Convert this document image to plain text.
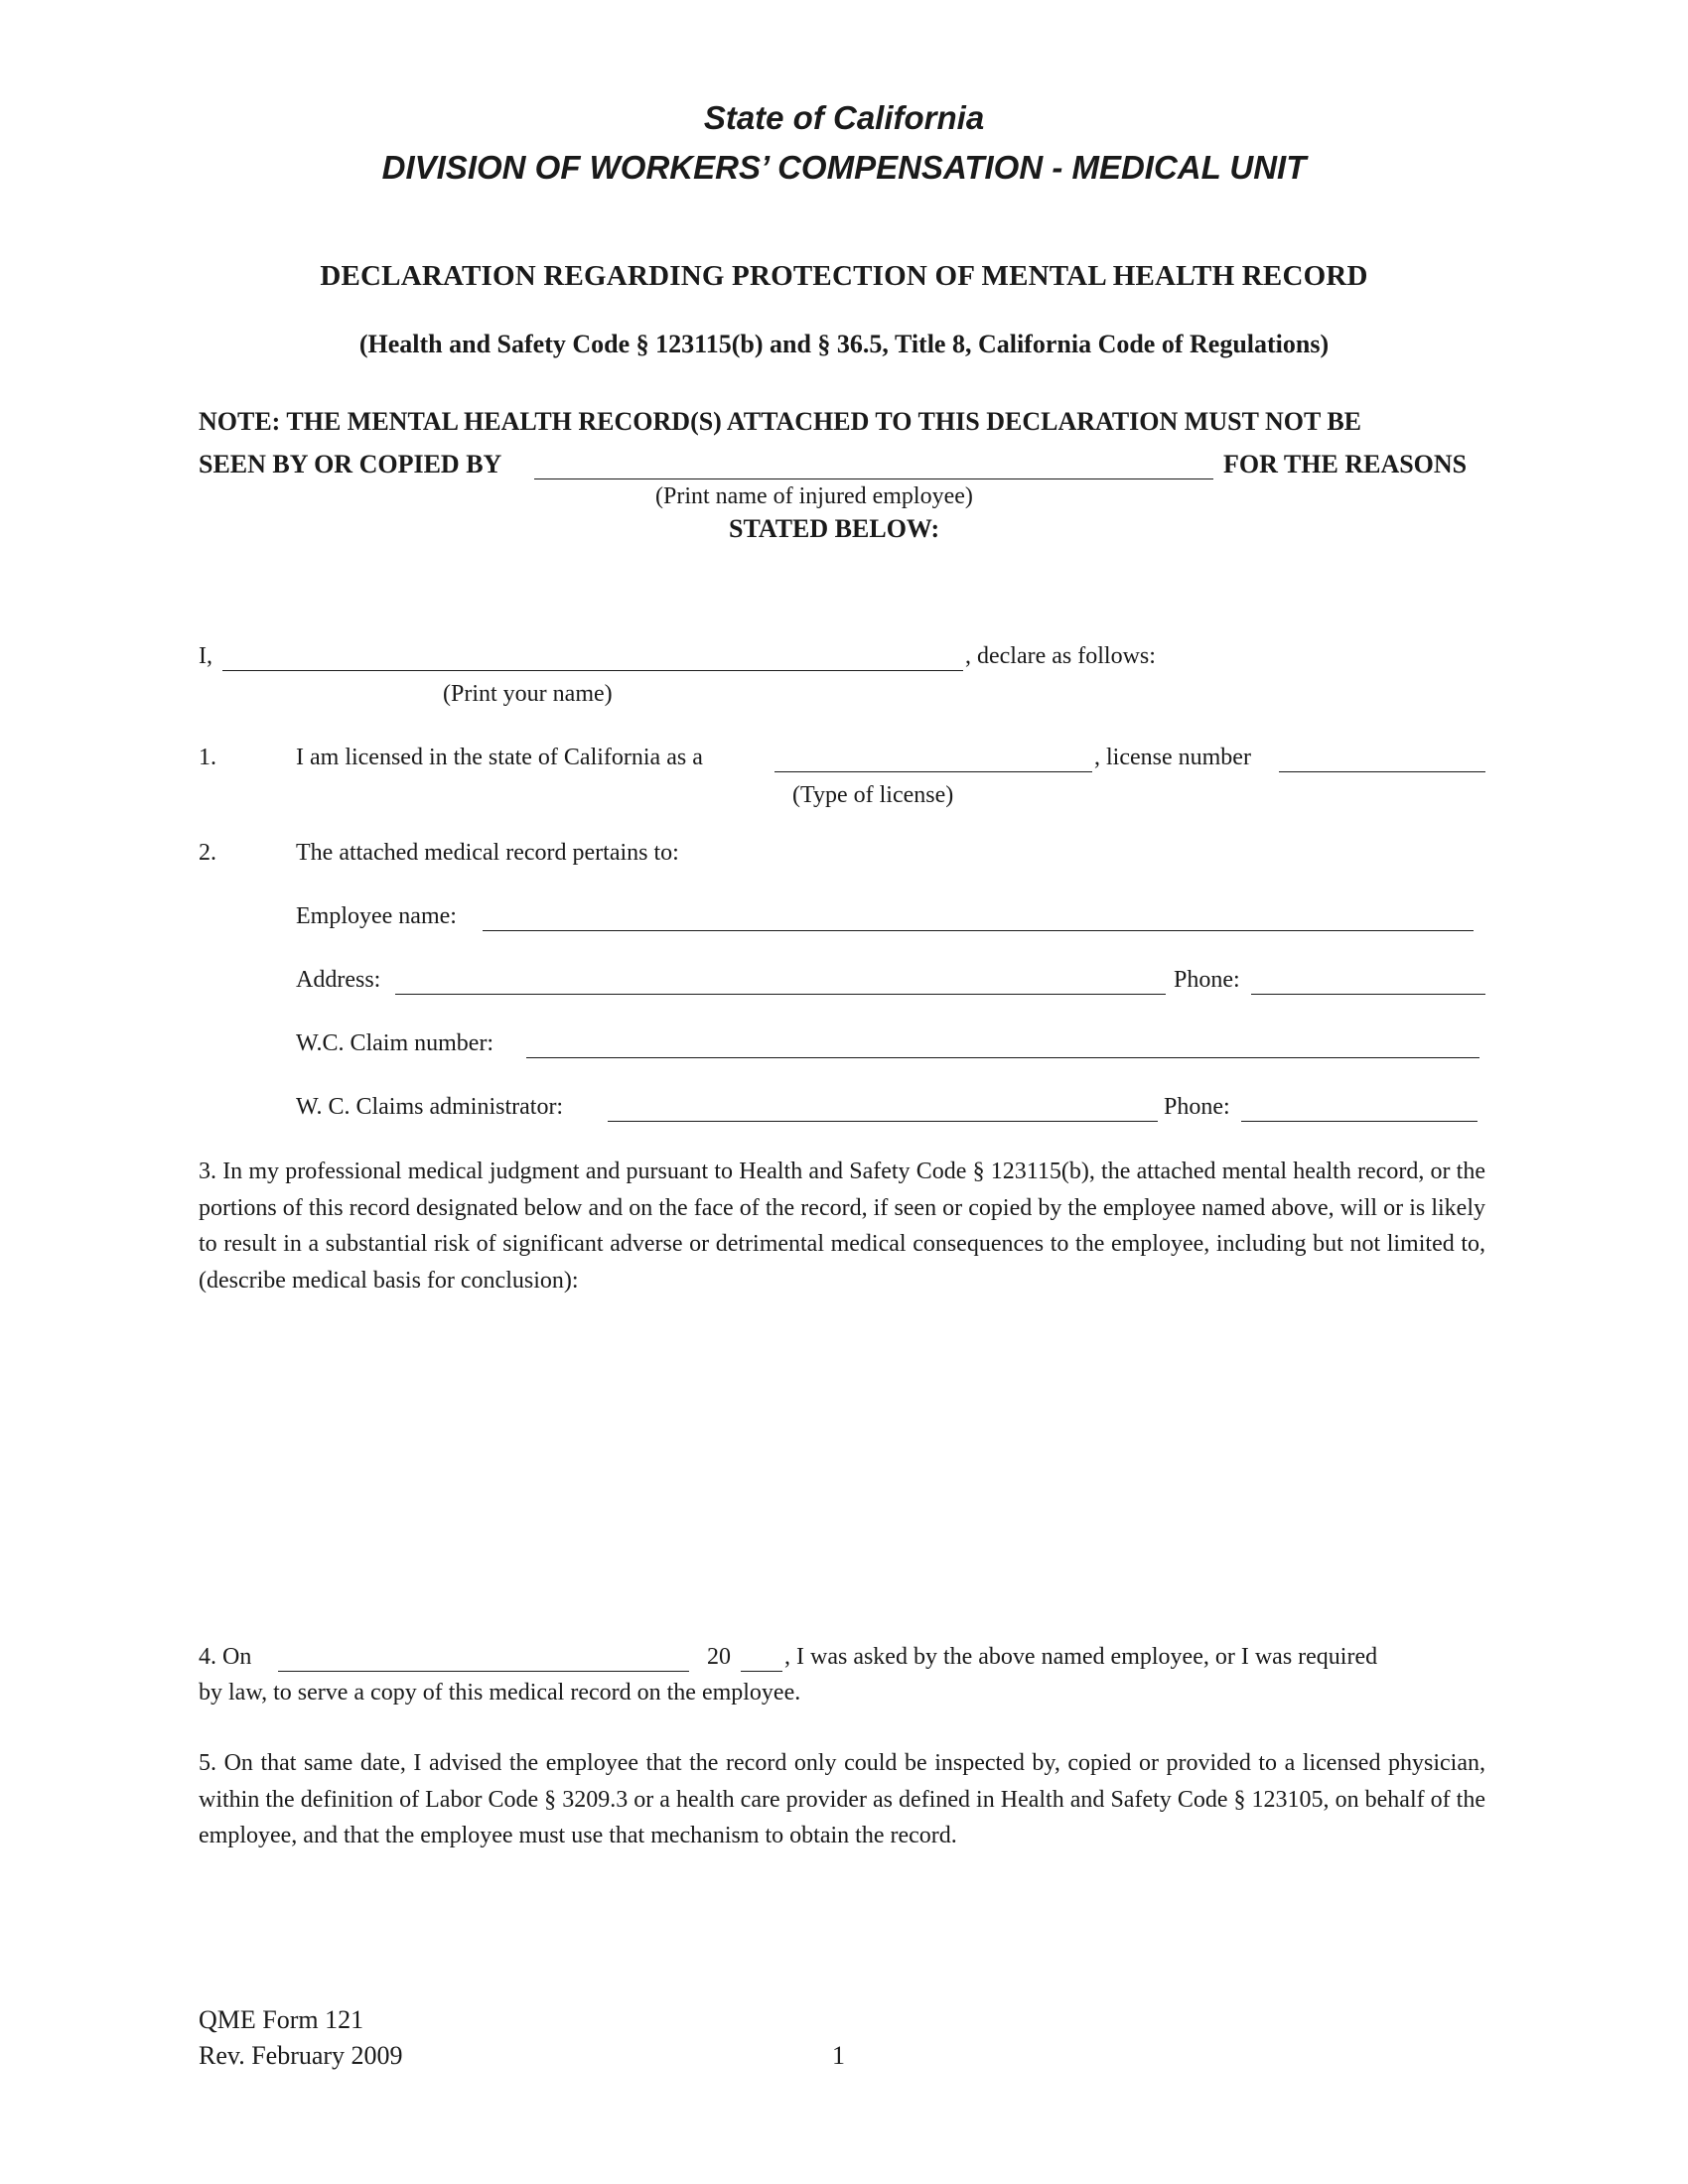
State of California
DIVISION OF WORKERS’ COMPENSATION - MEDICAL UNIT
DECLARATION REGARDING PROTECTION OF MENTAL HEALTH RECORD
(Health and Safety Code § 123115(b) and § 36.5, Title 8, California Code of Regulations)
NOTE: THE MENTAL HEALTH RECORD(S) ATTACHED TO THIS DECLARATION MUST NOT BE
SEEN BY OR COPIED BY	FOR THE REASONS
(Print name of injured employee)
STATED BELOW:
I,	, declare as follows:
(Print your name)
1.	I am licensed in the state of California as a	, license number
(Type of license)
2.	The attached medical record pertains to:
Employee name:
Address:	Phone:
W.C. Claim number:
W. C. Claims administrator:	Phone:
3. In my professional medical judgment and pursuant to Health and Safety Code § 123115(b), the attached mental health record, or the portions of this record designated below and on the face of the record, if seen or copied by the employee named above, will or is likely to result in a substantial risk of significant adverse or detrimental medical consequences to the employee, including but not limited to, (describe medical basis for conclusion):
4. On	20 , I was asked by the above named employee, or I was required
by law, to serve a copy of this medical record on the employee.
5. On that same date, I advised the employee that the record only could be inspected by, copied or provided to a licensed physician, within the definition of Labor Code § 3209.3 or a health care provider as defined in Health and Safety Code § 123105, on behalf of the employee, and that the employee must use that mechanism to obtain the record.
QME Form 121
Rev. February 2009	1
